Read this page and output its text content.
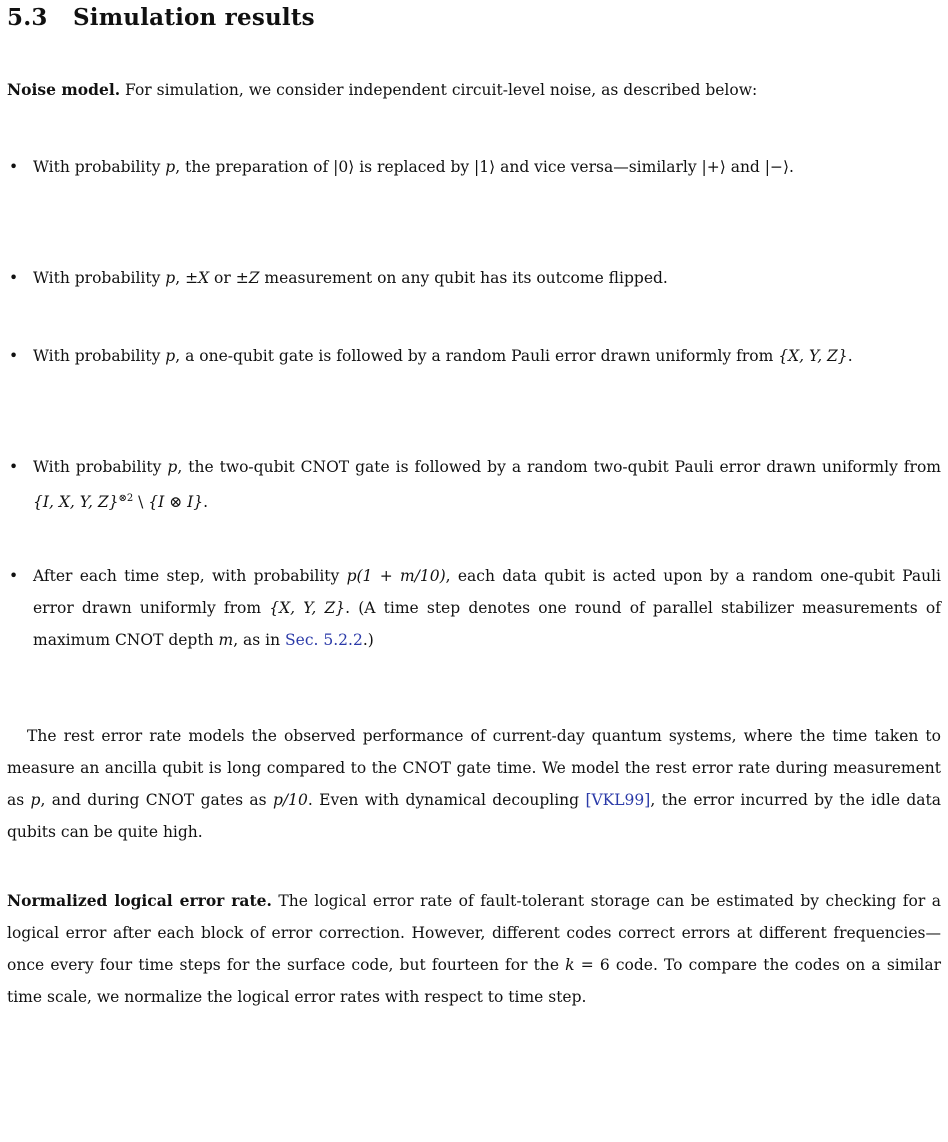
5.3 Simulation results

Noise model. For simulation, we consider independent circuit-level noise, as described below:

• With probability p, the preparation of |0⟩ is replaced by |1⟩ and vice versa—similarly |+⟩ and |−⟩.
• With probability p, ±X or ±Z measurement on any qubit has its outcome flipped.
• With probability p, a one-qubit gate is followed by a random Pauli error drawn uniformly from {X, Y, Z}.
• With probability p, the two-qubit CNOT gate is followed by a random two-qubit Pauli error drawn uniformly from {I, X, Y, Z}$^{\otimes 2}$ \ {I ⊗ I}.
• After each time step, with probability p(1 + m/10), each data qubit is acted upon by a random one-qubit Pauli error drawn uniformly from {X, Y, Z}. (A time step denotes one round of parallel stabilizer measurements of maximum CNOT depth m, as in Sec. 5.2.2.)

The rest error rate models the observed performance of current-day quantum systems, where the time taken to measure an ancilla qubit is long compared to the CNOT gate time. We model the rest error rate during measurement as p, and during CNOT gates as p/10. Even with dynamical decoupling [VKL99], the error incurred by the idle data qubits can be quite high.

Normalized logical error rate. The logical error rate of fault-tolerant storage can be estimated by checking for a logical error after each block of error correction. However, different codes correct errors at different frequencies—once every four time steps for the surface code, but fourteen for the k = 6 code. To compare the codes on a similar time scale, we normalize the logical error rates with respect to time step.
